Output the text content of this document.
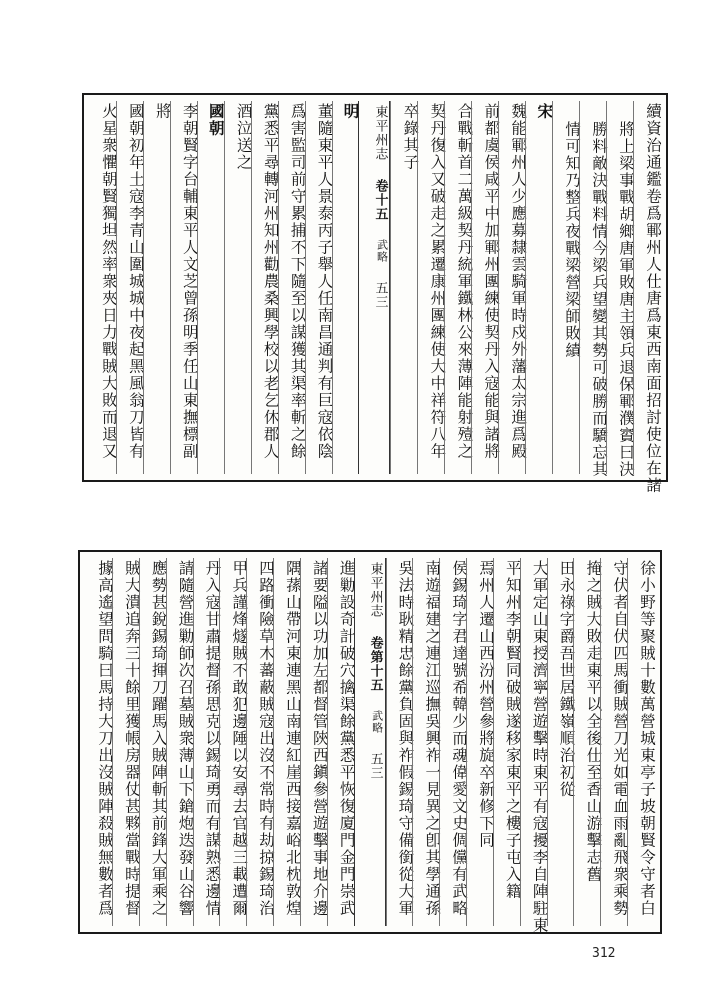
續資治通鑑卷爲鄆州人仕唐爲東西南面招討使位在諸
將上梁事戰胡鄉唐軍敗唐主領兵退保鄆濮賨曰決
勝料敵決戰料情今梁兵望變其勢可破勝而驕忘其
情可知乃整兵夜戰梁營梁師敗績
宋
魏能鄆州人少應募隸雲騎軍時戍外藩太宗進爲殿
前都虞侯咸平中加鄆州團練使契丹入寇能與諸將
合戰斬首二萬級契丹統軍鐵林公來薄陣能射殪之
契丹復入又破走之累遷康州團練使大中祥符八年
卒錄其子
東平州志
卷十五
武略
五三
明
董隨東平人景泰丙子舉人任南昌通判有巨寇依陰
爲害監司前守累捕不下隨至以謀獲其渠率斬之餘
黨悉平尋轉河州知州勸農桑興學校以老乞休郡人
酒泣送之
國朝
李朝賢字台輔東平人文芝曾孫明季任山東撫標副
將
國朝初年土寇李青山圍城城中夜起黑風翁刀皆有
火星衆懼朝賢獨坦然率衆夾日力戰賊大敗而退又
徐小野等聚賊十數萬營城東亭子坡朝賢令守者白
守伏者自伏匹馬衝賊營刀光如電血雨亂飛衆乘勢
掩之賊大敗走東平以全後仕至香山游擊志舊
田永祿字爵吾世居鐵嶺順治初從
大軍定山東授濟寧營遊擊時東平有寇擾李自陣駐東
平知州李朝賢同破賊遂移家東平之樓子屯入籍
焉州人遷山西汾州營參將旋卒新修下同
侯錫琦字君達號希韓少而魂偉愛文史倜儻有武略
南遊福建之連江巡撫吳興祚一見異之卽其學通孫
吳法時耿精忠餘黨負固與祚假錫琦守備銜從大軍
東平州志
卷第十五
武略
五三
進勦設奇計破穴擒渠餘黨悉平恢復廈門金門崇武
諸要隘以功加左都督管陝西鎭參營遊擊事地介邊
隅蓀山帶河東連黑山南連紅崖西接嘉峪北枕敦煌
四路衝險草木蕃蔽賊寇出沒不常時有劫掠錫琦治
甲兵謹烽燧賊不敢犯邊陲以安尋去官越三載遭爾
丹入寇甘肅提督孫思克以錫琦勇而有謀熟悉邊情
請隨營進勦師次召墓賊衆薄山下鎗炮迭發山谷響
應勢甚銳錫琦揮刀躍馬入賊陣斬其前鋒大軍乘之
賊大潰追奔三十餘里獲帳房器仗甚夥當戰時提督
據高遙望問騎曰馬持大刀出沒賊陣殺賊無數者爲
312
